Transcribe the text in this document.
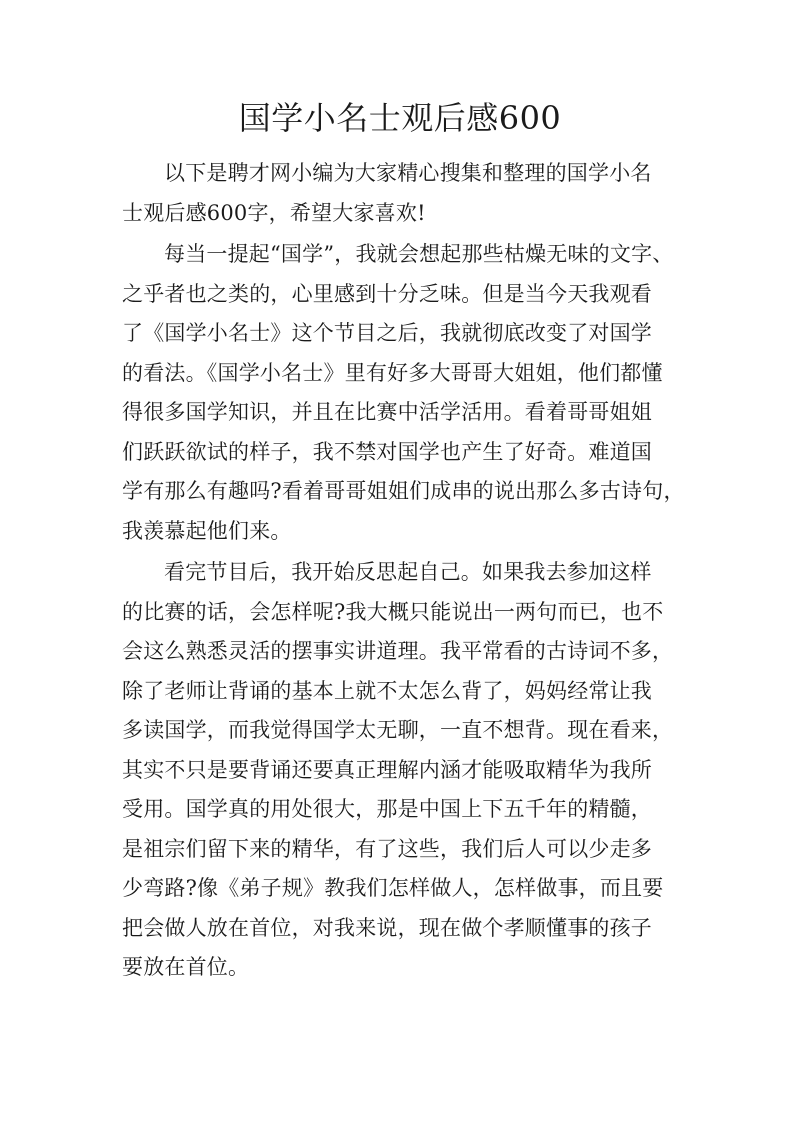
国学小名士观后感600

以下是聘才网小编为大家精心搜集和整理的国学小名
士观后感600字，希望大家喜欢!

每当一提起“国学”，我就会想起那些枯燥无味的文字、
之乎者也之类的，心里感到十分乏味。但是当今天我观看
了《国学小名士》这个节目之后，我就彻底改变了对国学
的看法。《国学小名士》里有好多大哥哥大姐姐，他们都懂
得很多国学知识，并且在比赛中活学活用。看着哥哥姐姐
们跃跃欲试的样子，我不禁对国学也产生了好奇。难道国
学有那么有趣吗?看着哥哥姐姐们成串的说出那么多古诗句，
我羡慕起他们来。

看完节目后，我开始反思起自己。如果我去参加这样
的比赛的话，会怎样呢?我大概只能说出一两句而已，也不
会这么熟悉灵活的摆事实讲道理。我平常看的古诗词不多，
除了老师让背诵的基本上就不太怎么背了，妈妈经常让我
多读国学，而我觉得国学太无聊，一直不想背。现在看来，
其实不只是要背诵还要真正理解内涵才能吸取精华为我所
受用。国学真的用处很大，那是中国上下五千年的精髓，
是祖宗们留下来的精华，有了这些，我们后人可以少走多
少弯路?像《弟子规》教我们怎样做人，怎样做事，而且要
把会做人放在首位，对我来说，现在做个孝顺懂事的孩子
要放在首位。
